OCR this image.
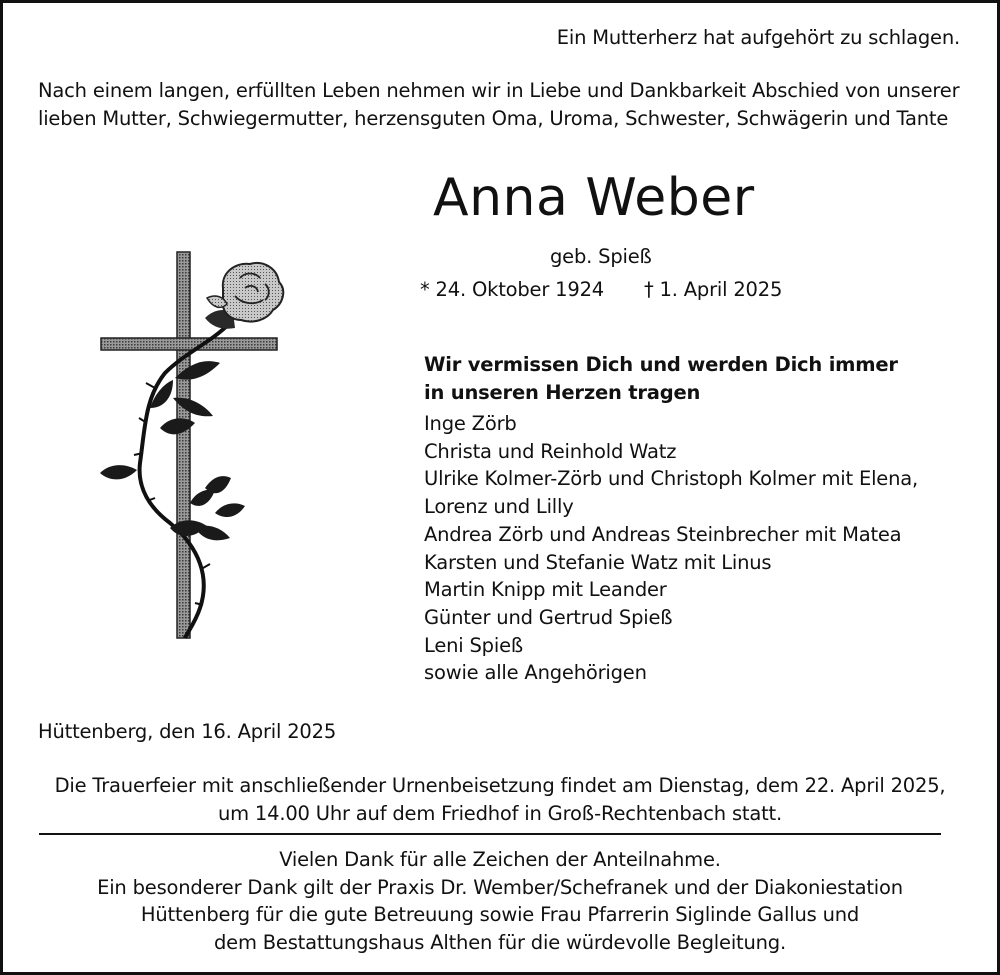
Ein Mutterherz hat aufgehört zu schlagen.
Nach einem langen, erfüllten Leben nehmen wir in Liebe und Dankbarkeit Abschied von unserer
lieben Mutter, Schwiegermutter, herzensguten Oma, Uroma, Schwester, Schwägerin und Tante
Anna Weber
geb. Spieß
* 24. Oktober 1924 † 1. April 2025
Wir vermissen Dich und werden Dich immer
in unseren Herzen tragen
Inge Zörb
Christa und Reinhold Watz
Ulrike Kolmer-Zörb und Christoph Kolmer mit Elena,
Lorenz und Lilly
Andrea Zörb und Andreas Steinbrecher mit Matea
Karsten und Stefanie Watz mit Linus
Martin Knipp mit Leander
Günter und Gertrud Spieß
Leni Spieß
sowie alle Angehörigen
Hüttenberg, den 16. April 2025
Die Trauerfeier mit anschließender Urnenbeisetzung findet am Dienstag, dem 22. April 2025,
um 14.00 Uhr auf dem Friedhof in Groß-Rechtenbach statt.
Vielen Dank für alle Zeichen der Anteilnahme.
Ein besonderer Dank gilt der Praxis Dr. Wember/Schefranek und der Diakoniestation
Hüttenberg für die gute Betreuung sowie Frau Pfarrerin Siglinde Gallus und
dem Bestattungshaus Althen für die würdevolle Begleitung.
